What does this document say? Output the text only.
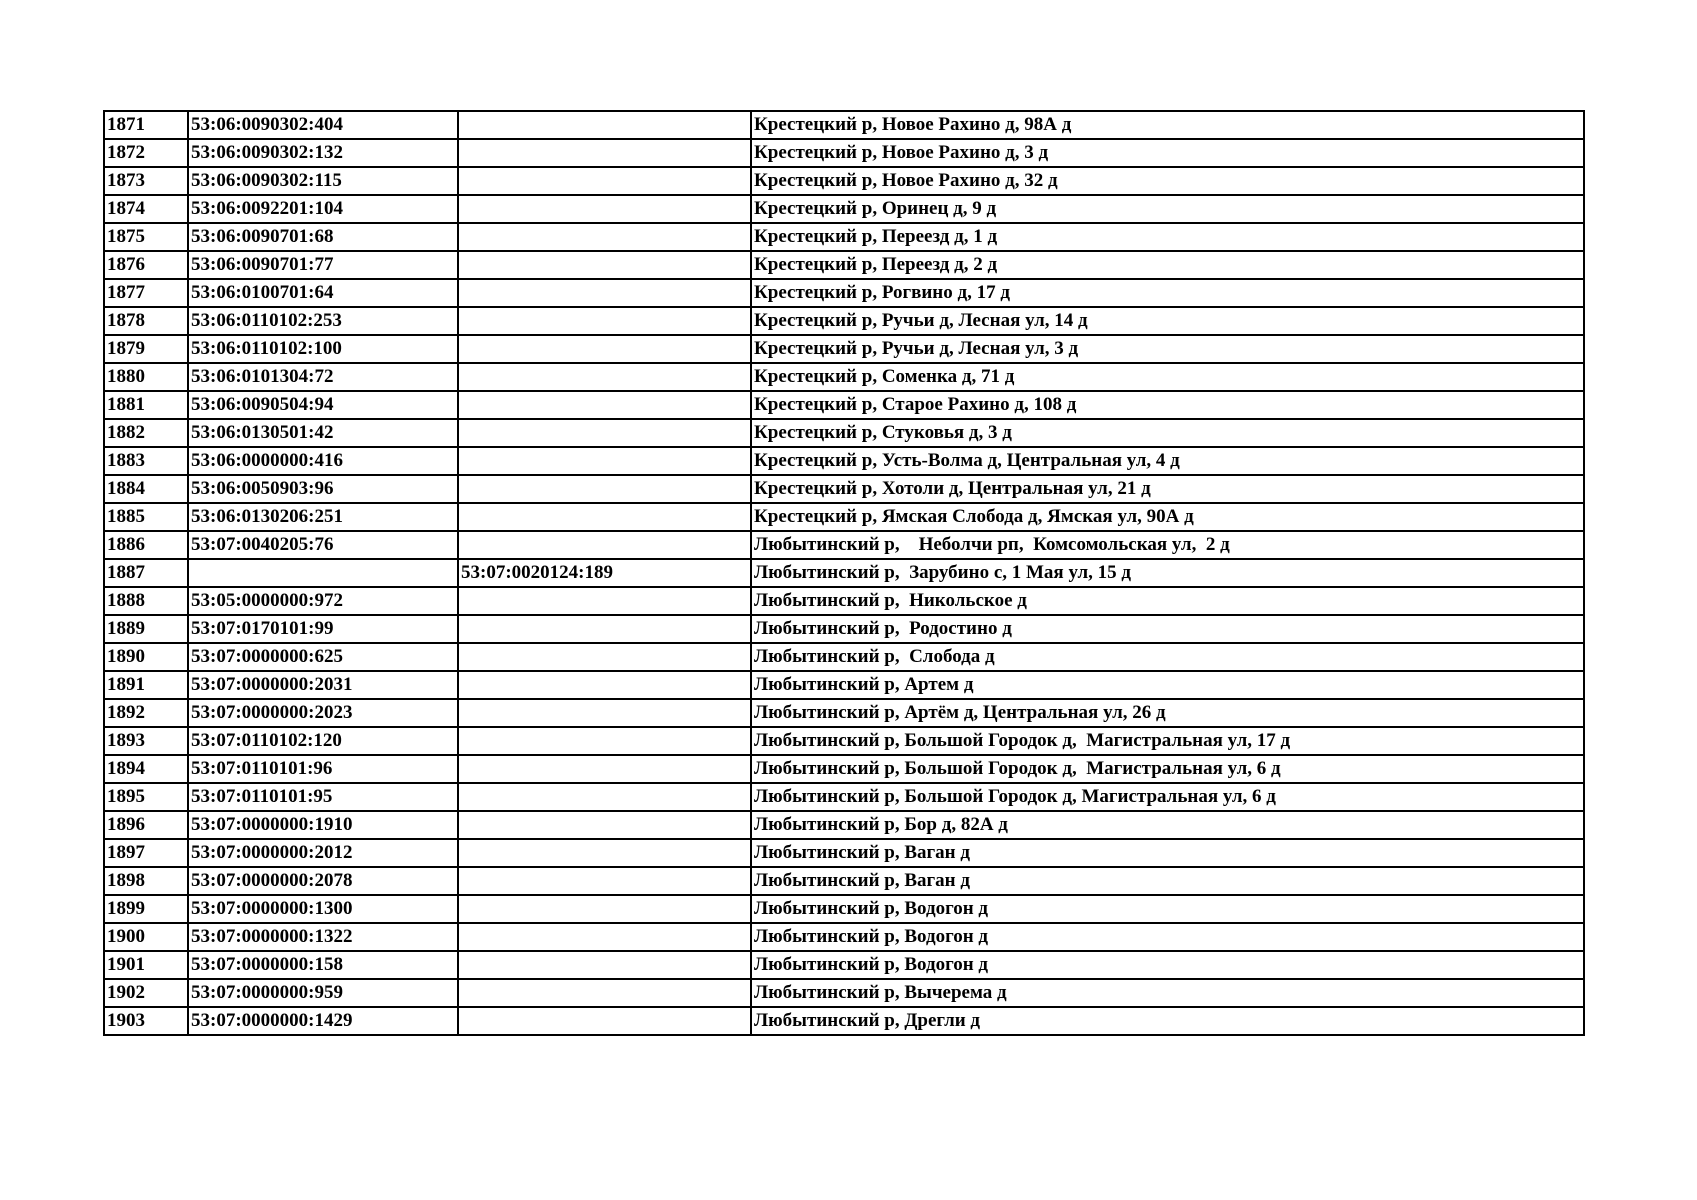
1871	53:06:0090302:404		Крестецкий р, Новое Рахино д, 98А д
1872	53:06:0090302:132		Крестецкий р, Новое Рахино д, 3 д
1873	53:06:0090302:115		Крестецкий р, Новое Рахино д, 32 д
1874	53:06:0092201:104		Крестецкий р, Оринец д, 9 д
1875	53:06:0090701:68		Крестецкий р, Переезд д, 1 д
1876	53:06:0090701:77		Крестецкий р, Переезд д, 2 д
1877	53:06:0100701:64		Крестецкий р, Рогвино д, 17 д
1878	53:06:0110102:253		Крестецкий р, Ручьи д, Лесная ул, 14 д
1879	53:06:0110102:100		Крестецкий р, Ручьи д, Лесная ул, 3 д
1880	53:06:0101304:72		Крестецкий р, Соменка д, 71 д
1881	53:06:0090504:94		Крестецкий р, Старое Рахино д, 108 д
1882	53:06:0130501:42		Крестецкий р, Стуковья д, 3 д
1883	53:06:0000000:416		Крестецкий р, Усть-Волма д, Центральная ул, 4 д
1884	53:06:0050903:96		Крестецкий р, Хотоли д, Центральная ул, 21 д
1885	53:06:0130206:251		Крестецкий р, Ямская Слобода д, Ямская ул, 90А д
1886	53:07:0040205:76		Любытинский р,    Неболчи рп,  Комсомольская ул,  2 д
1887		53:07:0020124:189	Любытинский р,  Зарубино с, 1 Мая ул, 15 д
1888	53:05:0000000:972		Любытинский р,  Никольское д
1889	53:07:0170101:99		Любытинский р,  Родостино д
1890	53:07:0000000:625		Любытинский р,  Слобода д
1891	53:07:0000000:2031		Любытинский р, Артем д
1892	53:07:0000000:2023		Любытинский р, Артём д, Центральная ул, 26 д
1893	53:07:0110102:120		Любытинский р, Большой Городок д,  Магистральная ул, 17 д
1894	53:07:0110101:96		Любытинский р, Большой Городок д,  Магистральная ул, 6 д
1895	53:07:0110101:95		Любытинский р, Большой Городок д, Магистральная ул, 6 д
1896	53:07:0000000:1910		Любытинский р, Бор д, 82А д
1897	53:07:0000000:2012		Любытинский р, Ваган д
1898	53:07:0000000:2078		Любытинский р, Ваган д
1899	53:07:0000000:1300		Любытинский р, Водогон д
1900	53:07:0000000:1322		Любытинский р, Водогон д
1901	53:07:0000000:158		Любытинский р, Водогон д
1902	53:07:0000000:959		Любытинский р, Вычерема д
1903	53:07:0000000:1429		Любытинский р, Дрегли д
